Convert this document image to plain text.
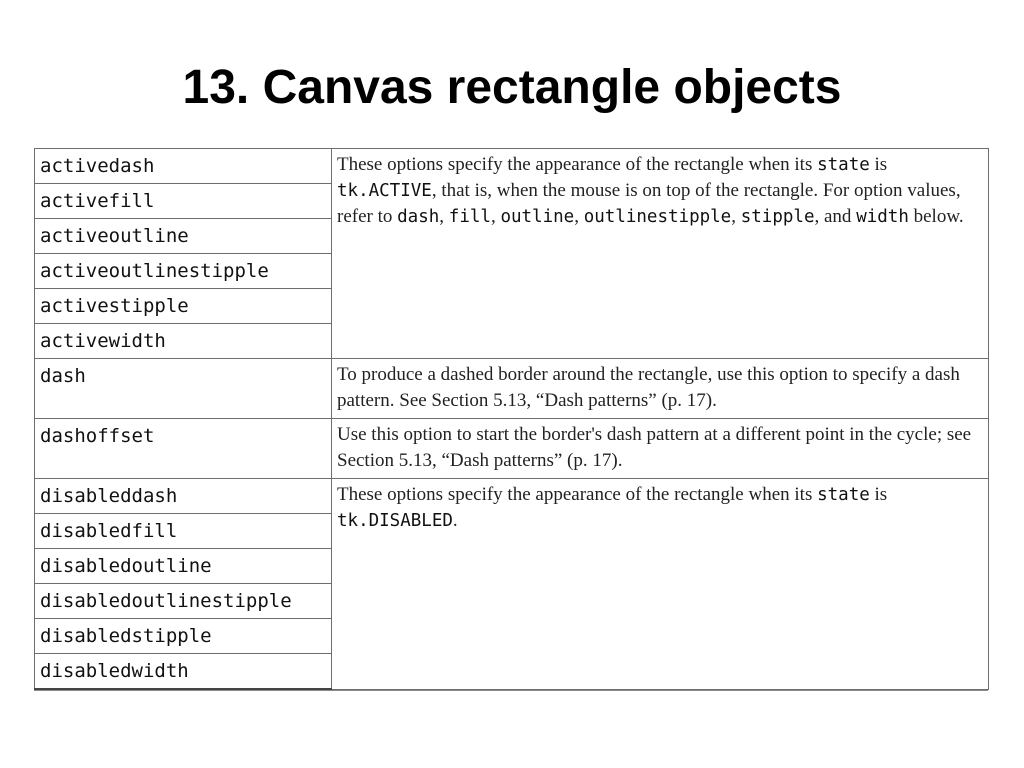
13. Canvas rectangle objects
activedash	These options specify the appearance of the rectangle when its state is tk.ACTIVE, that is, when the mouse is on top of the rectangle. For option values, refer to dash, fill, outline, outlinestipple, stipple, and width below.
activefill	
activeoutline	
activeoutlinestipple	
activestipple	
activewidth	
dash	To produce a dashed border around the rectangle, use this option to specify a dash pattern. See Section 5.13, “Dash patterns” (p. 17).
dashoffset	Use this option to start the border's dash pattern at a different point in the cycle; see Section 5.13, “Dash patterns” (p. 17).
disableddash	These options specify the appearance of the rectangle when its state is tk.DISABLED.
disabledfill	
disabledoutline	
disabledoutlinestipple	
disabledstipple	
disabledwidth	
